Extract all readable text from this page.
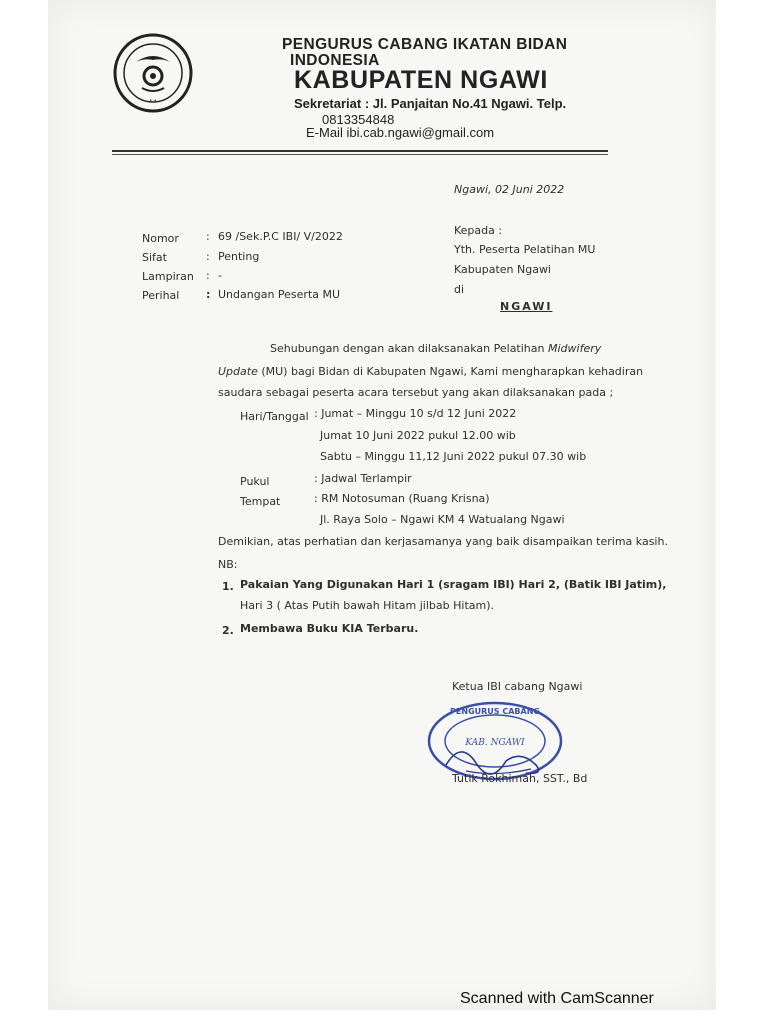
• •
PENGURUS CABANG IKATAN BIDAN
INDONESIA
KABUPATEN NGAWI
Sekretariat : Jl. Panjaitan No.41 Ngawi. Telp.
0813354848
E-Mail ibi.cab.ngawi@gmail.com
Ngawi, 02 Juni 2022
Nomor : 69 /Sek.P.C IBI/ V/2022
Sifat	: Penting
Lampiran : -
Perihal : Undangan Peserta MU
Kepada :
Yth. Peserta Pelatihan MU
Kabupaten Ngawi
di
NGAWI
Sehubungan dengan akan dilaksanakan Pelatihan Midwifery
Update (MU) bagi Bidan di Kabupaten Ngawi, Kami mengharapkan kehadiran
saudara sebagai peserta acara tersebut yang akan dilaksanakan pada ;
Hari/Tanggal : Jumat – Minggu 10 s/d 12 Juni 2022
Jumat 10 Juni 2022 pukul 12.00 wib
Sabtu – Minggu 11,12 Juni 2022 pukul 07.30 wib
Pukul	: Jadwal Terlampir
Tempat	: RM Notosuman (Ruang Krisna)
Jl. Raya Solo – Ngawi KM 4 Watualang Ngawi
Demikian, atas perhatian dan kerjasamanya yang baik disampaikan terima kasih.
NB:
1. Pakaian Yang Digunakan Hari 1 (sragam IBI) Hari 2, (Batik IBI Jatim),
Hari 3 ( Atas Putih bawah Hitam jilbab Hitam).
2. Membawa Buku KIA Terbaru.
Ketua IBI cabang Ngawi
PENGURUS CABANG
KAB. NGAWI
Tutik Rokhimah, SST., Bd
Scanned with CamScanner
